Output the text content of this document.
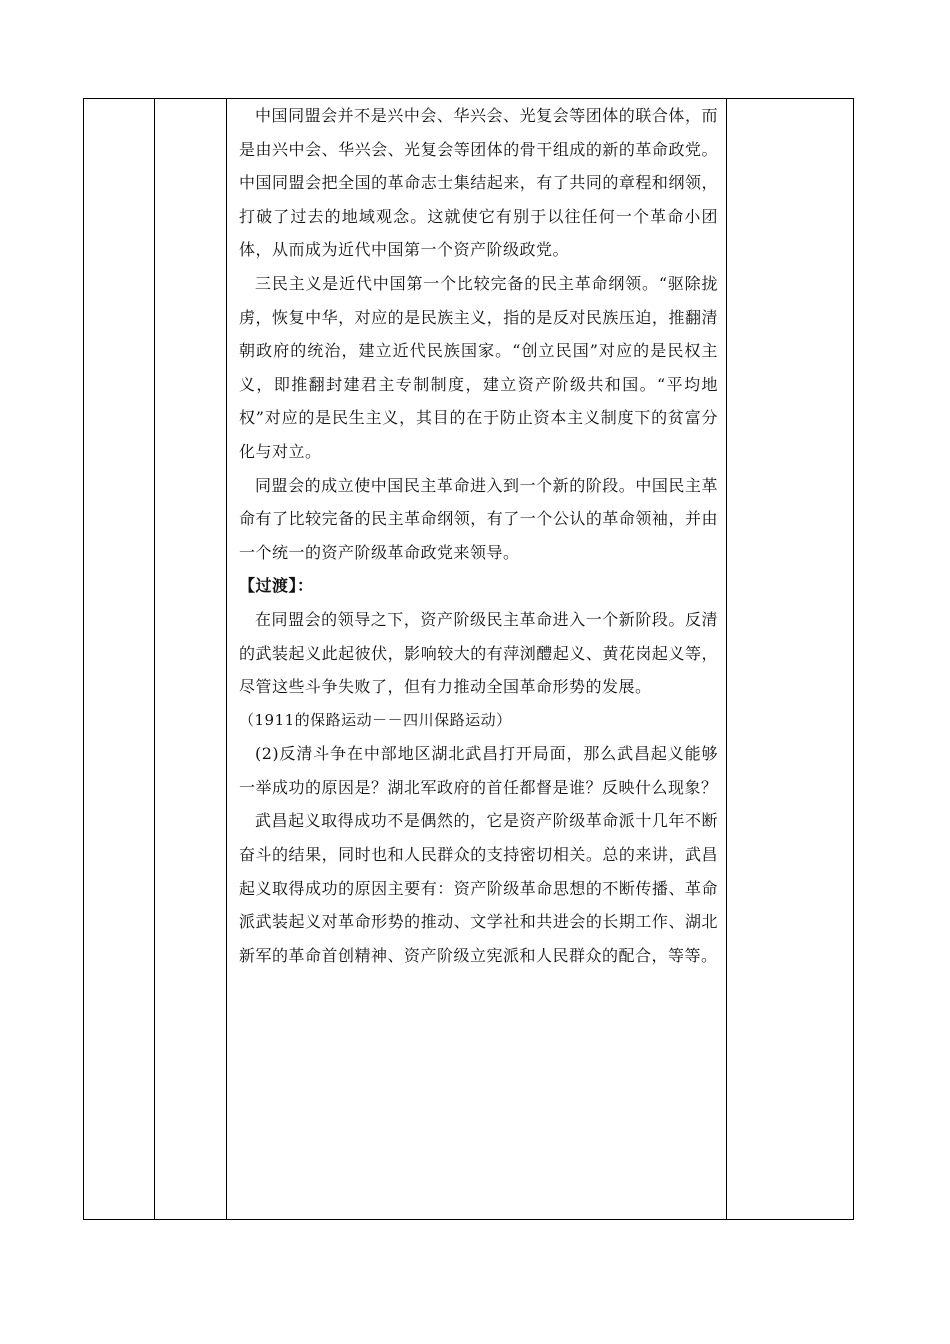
中国同盟会并不是兴中会、华兴会、光复会等团体的联合体，而是由兴中会、华兴会、光复会等团体的骨干组成的新的革命政党。中国同盟会把全国的革命志士集结起来，有了共同的章程和纲领，打破了过去的地域观念。这就使它有别于以往任何一个革命小团体，从而成为近代中国第一个资产阶级政党。

三民主义是近代中国第一个比较完备的民主革命纲领。“驱除拢虏，恢复中华，对应的是民族主义，指的是反对民族压迫，推翻清朝政府的统治，建立近代民族国家。“创立民国”对应的是民权主义，即推翻封建君主专制制度，建立资产阶级共和国。“平均地权”对应的是民生主义，其目的在于防止资本主义制度下的贫富分化与对立。

同盟会的成立使中国民主革命进入到一个新的阶段。中国民主革命有了比较完备的民主革命纲领，有了一个公认的革命领袖，并由一个统一的资产阶级革命政党来领导。

【过渡】：

在同盟会的领导之下，资产阶级民主革命进入一个新阶段。反清的武装起义此起彼伏，影响较大的有萍浏醴起义、黄花岗起义等，尽管这些斗争失败了，但有力推动全国革命形势的发展。

（1911的保路运动－－四川保路运动）

(2)反清斗争在中部地区湖北武昌打开局面，那么武昌起义能够一举成功的原因是？湖北军政府的首任都督是谁？反映什么现象？

武昌起义取得成功不是偶然的，它是资产阶级革命派十几年不断奋斗的结果，同时也和人民群众的支持密切相关。总的来讲，武昌起义取得成功的原因主要有：资产阶级革命思想的不断传播、革命派武装起义对革命形势的推动、文学社和共进会的长期工作、湖北新军的革命首创精神、资产阶级立宪派和人民群众的配合，等等。
